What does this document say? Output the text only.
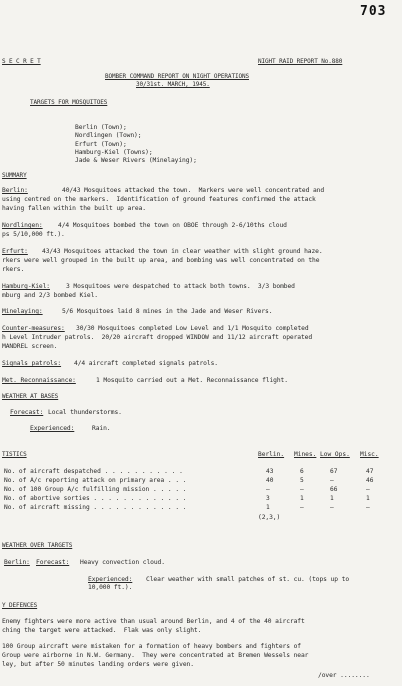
703
S E C R E T	NIGHT RAID REPORT No.880
BOMBER COMMAND REPORT ON NIGHT OPERATIONS
30/31st. MARCH, 1945.
TARGETS FOR MOSQUITOES
Berlin (Town);
Nordlingen (Town);
Erfurt (Town);
Hamburg-Kiel (Towns);
Jade & Weser Rivers (Minelaying);
SUMMARY
Berlin:	40/43 Mosquitoes attacked the town.  Markers were well concentrated and
using centred on the markers.  Identification of ground features confirmed the attack
having fallen within the built up area.
Nordlingen: 4/4 Mosquitoes bombed the town on OBOE through 2-6/10ths cloud
ps 5/10,000 ft.).
Erfurt: 43/43 Mosquitoes attacked the town in clear weather with slight ground haze.
rkers were well grouped in the built up area, and bombing was well concentrated on the
rkers.
Hamburg-Kiel:	3 Mosquitoes were despatched to attack both towns.  3/3 bombed
mburg and 2/3 bombed Kiel.
Minelaying:	5/6 Mosquitoes laid 8 mines in the Jade and Weser Rivers.
Counter-measures: 30/30 Mosquitoes completed Low Level and 1/1 Mosquito completed
h Level Intruder patrols.  20/20 aircraft dropped WINDOW and 11/12 aircraft operated
MANDREL screen.
Signals patrols: 4/4 aircraft completed signals patrols.
Met. Reconnaissance:	1 Mosquito carried out a Met. Reconnaissance flight.
WEATHER AT BASES
Forecast: Local thunderstorms.
Experienced:	Rain.
TISTICS	Berlin. Mines. Low Ops. Misc.
No. of aircraft despatched . . . . . . . . . . .	43	6	67	47
No. of A/c reporting attack on primary area . . .	40	5	—	46
No. of 100 Group A/c fulfilling mission . . . . .	—	—	66	—
No. of abortive sorties . . . . . . . . . . . . .	3	1	1	1
No. of aircraft missing . . . . . . . . . . . . .	1	—	—	—
(2,3,)
WEATHER OVER TARGETS
Berlin: Forecast: Heavy convection cloud.
Experienced: Clear weather with small patches of st. cu. (tops up to
10,000 ft.).
Y DEFENCES
Enemy fighters were more active than usual around Berlin, and 4 of the 40 aircraft
ching the target were attacked.  Flak was only slight.
100 Group aircraft were mistaken for a formation of heavy bombers and fighters of
Group were airborne in N.W. Germany.  They were concentrated at Bremen Wessels near
ley, but after 50 minutes landing orders were given.
/over ........
